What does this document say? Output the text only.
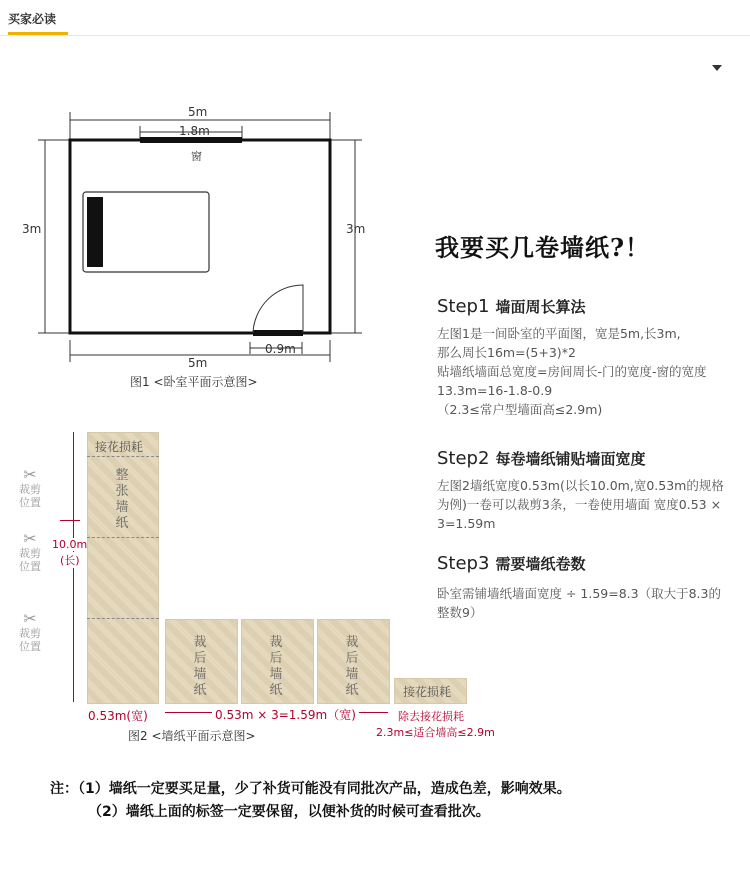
买家必读
5m
1.8m
窗
3m	3m
0.9m
5m
图1 <卧室平面示意图>
我要买几卷墙纸?！
Step1 墙面周长算法
左图1是一间卧室的平面图，宽是5m,长3m,
那么周长16m=(5+3)*2
贴墙纸墙面总宽度=房间周长-门的宽度-窗的宽度
13.3m=16-1.8-0.9
（2.3≤常户型墙面高≤2.9m)
Step2 每卷墙纸铺贴墙面宽度
左图2墙纸宽度0.53m(以长10.0m,宽0.53m的规格
为例)一卷可以裁剪3条，一卷使用墙面 宽度0.53 ×
3=1.59m
Step3 需要墙纸卷数
卧室需铺墙纸墙面宽度 ÷ 1.59=8.3（取大于8.3的
整数9）
接花损耗
整张墙纸
✂
裁剪位置
✂
裁剪位置
✂
裁剪位置
10.0m
(长)
裁后墙纸
裁后墙纸
裁后墙纸	接花损耗
0.53m(宽)	0.53m × 3=1.59m（宽)	除去接花损耗
2.3m≤适合墙高≤2.9m
图2 <墙纸平面示意图>
注：（1）墙纸一定要买足量，少了补货可能没有同批次产品，造成色差，影响效果。
（2）墙纸上面的标签一定要保留，以便补货的时候可查看批次。
